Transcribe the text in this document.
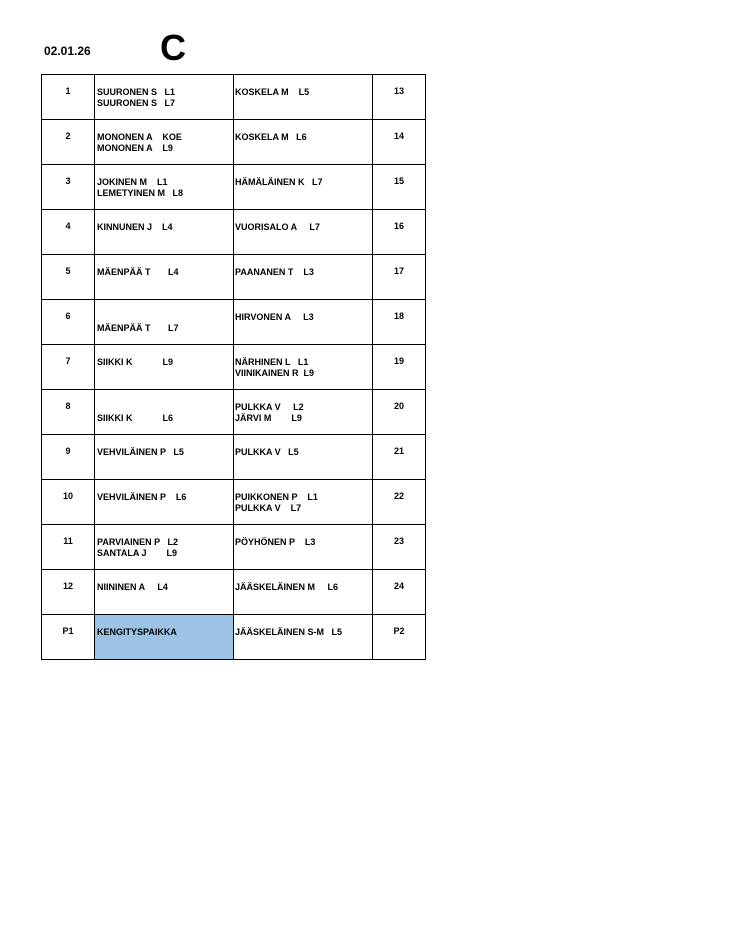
02.01.26 C
1	SUURONEN S   L1
SUURONEN S   L7	KOSKELA M    L5	13

2	MONONEN A    KOE
MONONEN A    L9	KOSKELA M   L6	14

3	JOKINEN M    L1
LEMETYINEN M   L8	HÄMÄLÄINEN K   L7	15

4	KINNUNEN J    L4	VUORISALO A     L7	16

5	MÄENPÄÄ T       L4	PAANANEN T    L3	17

6	MÄENPÄÄ T       L7	HIRVONEN A     L3	18

7	SIIKKI K            L9	NÄRHINEN L   L1
VIINIKAINEN R  L9	19

8	SIIKKI K            L6	PULKKA V     L2
JÄRVI M        L9	20

9	VEHVILÄINEN P   L5	PULKKA V   L5	21

10	VEHVILÄINEN P    L6	PUIKKONEN P    L1
PULKKA V    L7	22

11	PARVIAINEN P   L2
SANTALA J        L9	PÖYHÖNEN P    L3	23

12	NIININEN A     L4	JÄÄSKELÄINEN M     L6	24

P1	KENGITYSPAIKKA	JÄÄSKELÄINEN S-M   L5	P2
